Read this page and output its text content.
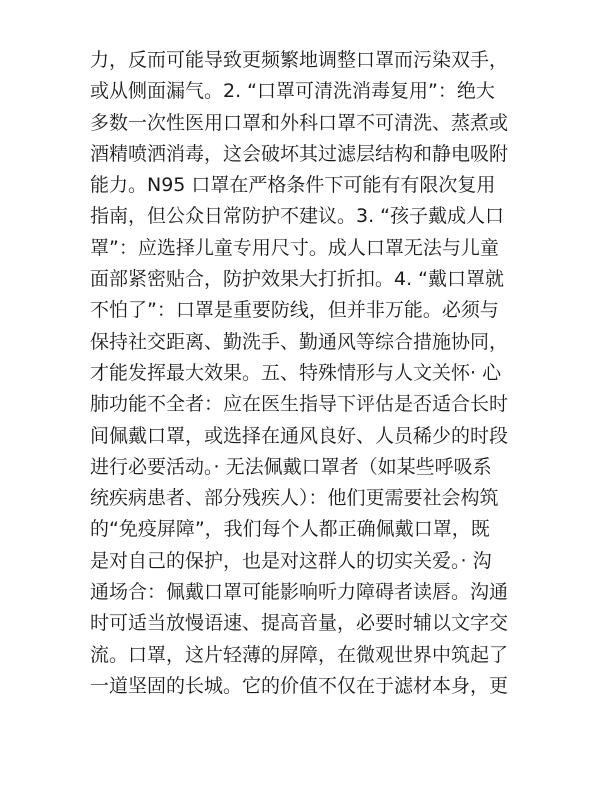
力，反而可能导致更频繁地调整口罩而污染双手，
或从侧面漏气。2. “口罩可清洗消毒复用”：绝大
多数一次性医用口罩和外科口罩不可清洗、蒸煮或
酒精喷洒消毒，这会破坏其过滤层结构和静电吸附
能力。N95 口罩在严格条件下可能有有限次复用
指南，但公众日常防护不建议。3. “孩子戴成人口
罩”：应选择儿童专用尺寸。成人口罩无法与儿童
面部紧密贴合，防护效果大打折扣。4. “戴口罩就
不怕了”：口罩是重要防线，但并非万能。必须与
保持社交距离、勤洗手、勤通风等综合措施协同，
才能发挥最大效果。五、特殊情形与人文关怀· 心
肺功能不全者：应在医生指导下评估是否适合长时
间佩戴口罩，或选择在通风良好、人员稀少的时段
进行必要活动。· 无法佩戴口罩者（如某些呼吸系
统疾病患者、部分残疾人）：他们更需要社会构筑
的“免疫屏障”，我们每个人都正确佩戴口罩，既
是对自己的保护，也是对这群人的切实关爱。· 沟
通场合：佩戴口罩可能影响听力障碍者读唇。沟通
时可适当放慢语速、提高音量，必要时辅以文字交
流。口罩，这片轻薄的屏障，在微观世界中筑起了
一道坚固的长城。它的价值不仅在于滤材本身，更
